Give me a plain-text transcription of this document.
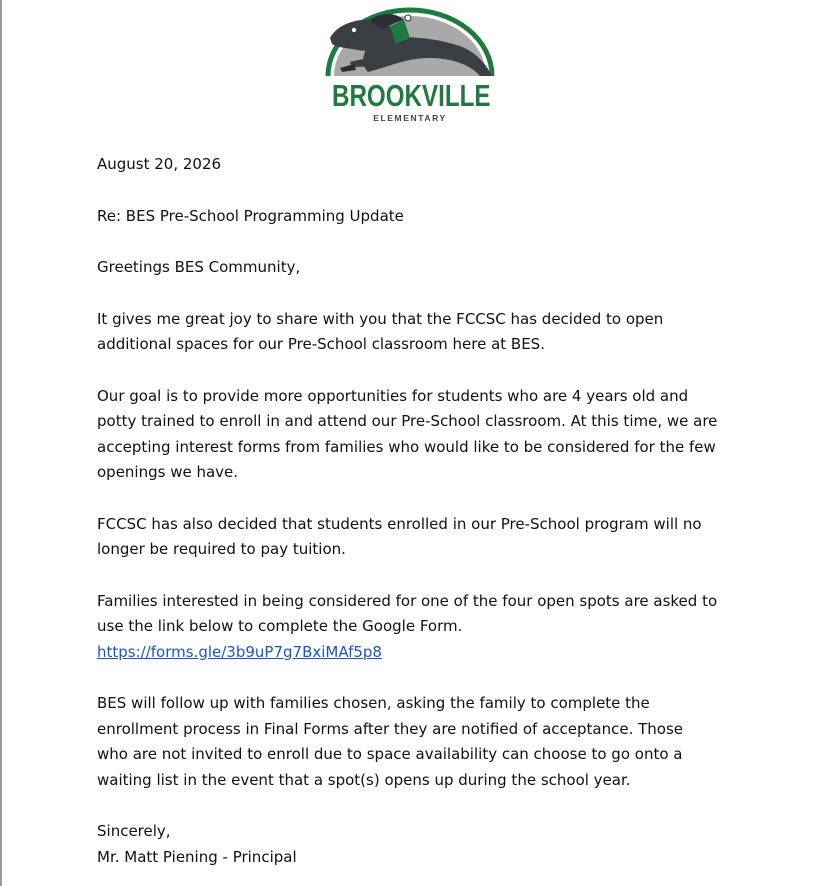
BROOKVILLE
ELEMENTARY

August 20, 2026

Re: BES Pre-School Programming Update

Greetings BES Community,

It gives me great joy to share with you that the FCCSC has decided to open additional spaces for our Pre-School classroom here at BES.

Our goal is to provide more opportunities for students who are 4 years old and potty trained to enroll in and attend our Pre-School classroom. At this time, we are accepting interest forms from families who would like to be considered for the few openings we have.

FCCSC has also decided that students enrolled in our Pre-School program will no longer be required to pay tuition.

Families interested in being considered for one of the four open spots are asked to use the link below to complete the Google Form.

https://forms.gle/3b9uP7g7BxiMAf5p8

BES will follow up with families chosen, asking the family to complete the enrollment process in Final Forms after they are notified of acceptance. Those who are not invited to enroll due to space availability can choose to go onto a waiting list in the event that a spot(s) opens up during the school year.

Sincerely,

Mr. Matt Piening - Principal
